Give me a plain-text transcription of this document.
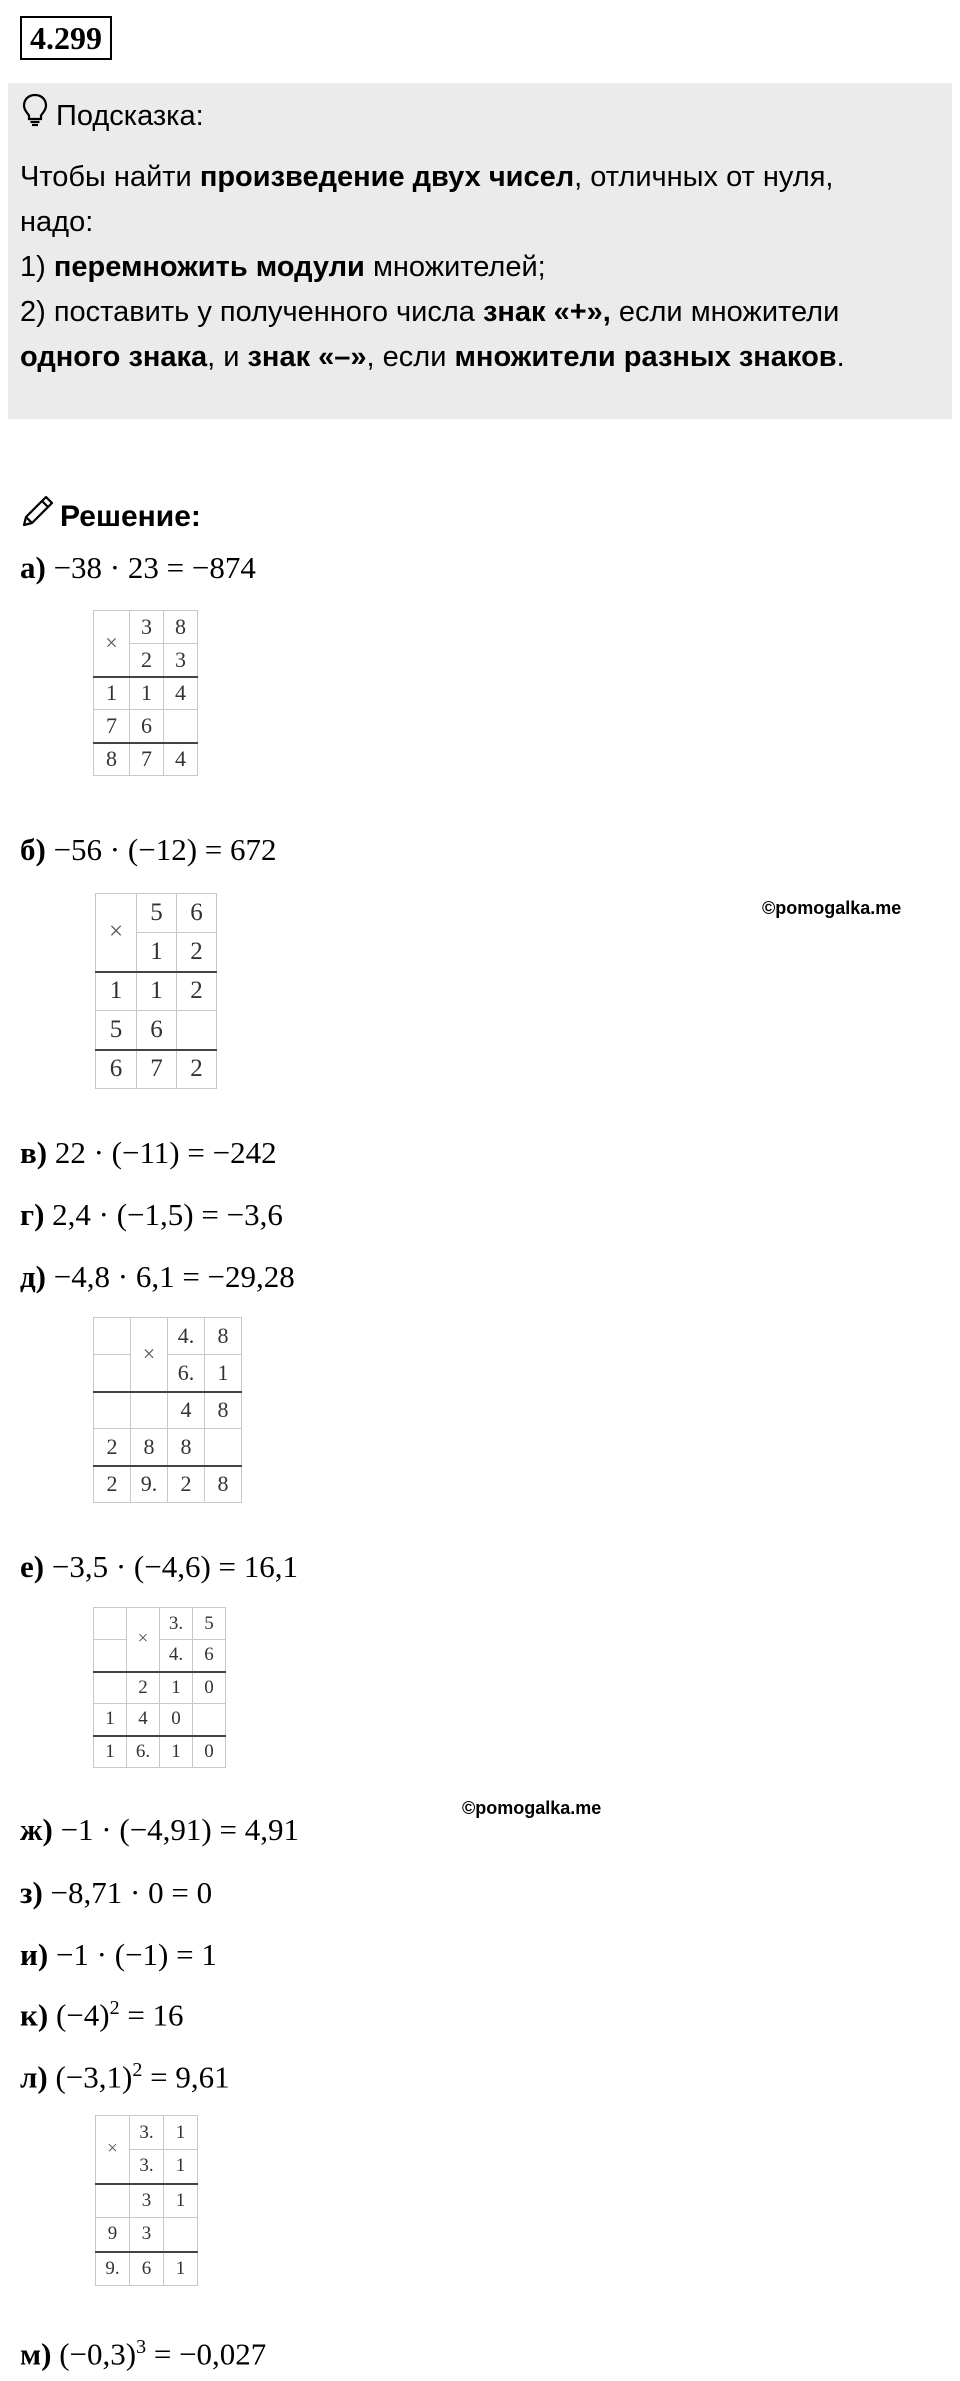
4.299
Подсказка:
Чтобы найти произведение двух чисел, отличных от нуля,
надо:
1) перемножить модули множителей;
2) поставить у полученного числа знак «+», если множители
одного знака, и знак «–», если множители разных знаков.
Решение:
а) −38 · 23 = −874
б) −56 · (−12) = 672
в) 22 · (−11) = −242
г) 2,4 · (−1,5) = −3,6
д) −4,8 · 6,1 = −29,28
е) −3,5 · (−4,6) = 16,1
ж) −1 · (−4,91) = 4,91
з) −8,71 · 0 = 0
и) −1 · (−1) = 1
к) $(-4)^2 = 16$
л) $(-3,1)^2 = 9,61$
м) $(-0,3)^3 = -0,027$
©pomogalka.me
©pomogalka.me
×	3	8
	2	3
1	1	4
7	6	
8	7	4
×	5	6
	1	2
1	1	2
5	6	
6	7	2
	×	4.	8
		6.	1
		4	8
2	8	8	
2	9.	2	8
	×	3.	5
		4.	6
	2	1	0
1	4	0	
1	6.	1	0
×	3.	1
	3.	1
	3	1
9	3	
9.	6	1
